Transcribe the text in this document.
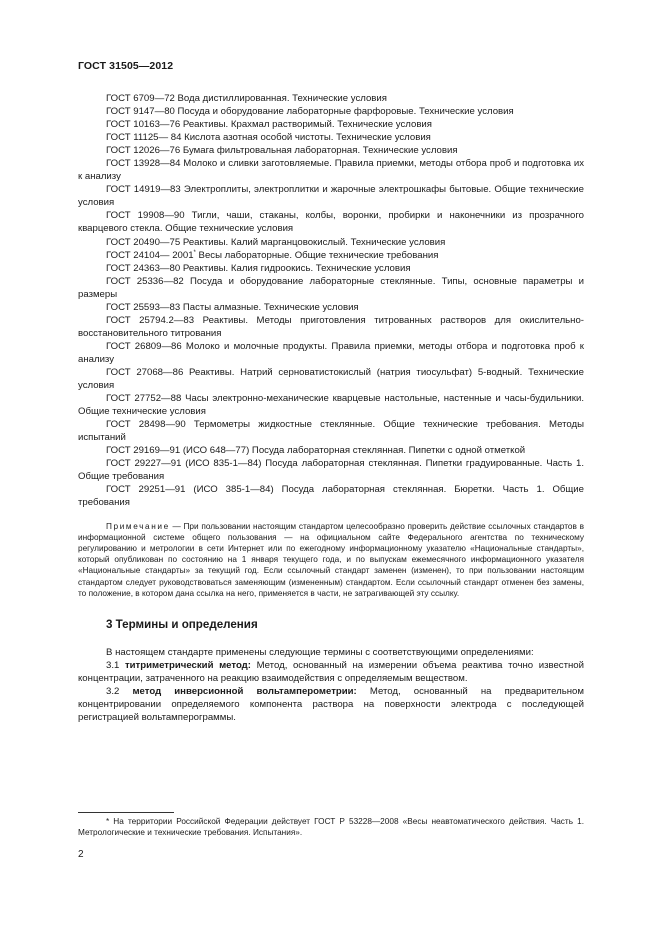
ГОСТ 31505—2012

ГОСТ 6709—72 Вода дистиллированная. Технические условия

ГОСТ 9147—80 Посуда и оборудование лабораторные фарфоровые. Технические условия

ГОСТ 10163—76 Реактивы. Крахмал растворимый. Технические условия

ГОСТ 11125— 84 Кислота азотная особой чистоты. Технические условия

ГОСТ 12026—76 Бумага фильтровальная лабораторная. Технические условия

ГОСТ 13928—84 Молоко и сливки заготовляемые. Правила приемки, методы отбора проб и подготовка их к анализу

ГОСТ 14919—83 Электроплиты, электроплитки и жарочные электрошкафы бытовые. Общие технические условия

ГОСТ 19908—90 Тигли, чаши, стаканы, колбы, воронки, пробирки и наконечники из прозрачного кварцевого стекла. Общие технические условия

ГОСТ 20490—75 Реактивы. Калий марганцовокислый. Технические условия

ГОСТ 24104— 2001* Весы лабораторные. Общие технические требования

ГОСТ 24363—80 Реактивы. Калия гидроокись. Технические условия

ГОСТ 25336—82 Посуда и оборудование лабораторные стеклянные. Типы, основные параметры и размеры

ГОСТ 25593—83 Пасты алмазные. Технические условия

ГОСТ 25794.2—83 Реактивы. Методы приготовления титрованных растворов для окислительно-восстановительного титрования

ГОСТ 26809—86 Молоко и молочные продукты. Правила приемки, методы отбора и подготовка проб к анализу

ГОСТ 27068—86 Реактивы. Натрий серноватистокислый (натрия тиосульфат) 5-водный. Технические условия

ГОСТ 27752—88 Часы электронно-механические кварцевые настольные, настенные и часы-будильники. Общие технические условия

ГОСТ 28498—90 Термометры жидкостные стеклянные. Общие технические требования. Методы испытаний

ГОСТ 29169—91 (ИСО 648—77) Посуда лабораторная стеклянная. Пипетки с одной отметкой

ГОСТ 29227—91 (ИСО 835-1—84) Посуда лабораторная стеклянная. Пипетки градуированные. Часть 1. Общие требования

ГОСТ 29251—91 (ИСО 385-1—84) Посуда лабораторная стеклянная. Бюретки. Часть 1. Общие требования

Примечание — При пользовании настоящим стандартом целесообразно проверить действие ссылочных стандартов в информационной системе общего пользования — на официальном сайте Федерального агентства по техническому регулированию и метрологии в сети Интернет или по ежегодному информационному указателю «Национальные стандарты», который опубликован по состоянию на 1 января текущего года, и по выпускам ежемесячного информационного указателя «Национальные стандарты» за текущий год. Если ссылочный стандарт заменен (изменен), то при пользовании настоящим стандартом следует руководствоваться заменяющим (измененным) стандартом. Если ссылочный стандарт отменен без замены, то положение, в котором дана ссылка на него, применяется в части, не затрагивающей эту ссылку.

3 Термины и определения

В настоящем стандарте применены следующие термины с соответствующими определениями:

3.1 титриметрический метод: Метод, основанный на измерении объема реактива точно известной концентрации, затраченного на реакцию взаимодействия с определяемым веществом.

3.2 метод инверсионной вольтамперометрии: Метод, основанный на предварительном концентрировании определяемого компонента раствора на поверхности электрода с последующей регистрацией вольтамперограммы.

* На территории Российской Федерации действует ГОСТ Р 53228—2008 «Весы неавтоматического действия. Часть 1. Метрологические и технические требования. Испытания».

2
